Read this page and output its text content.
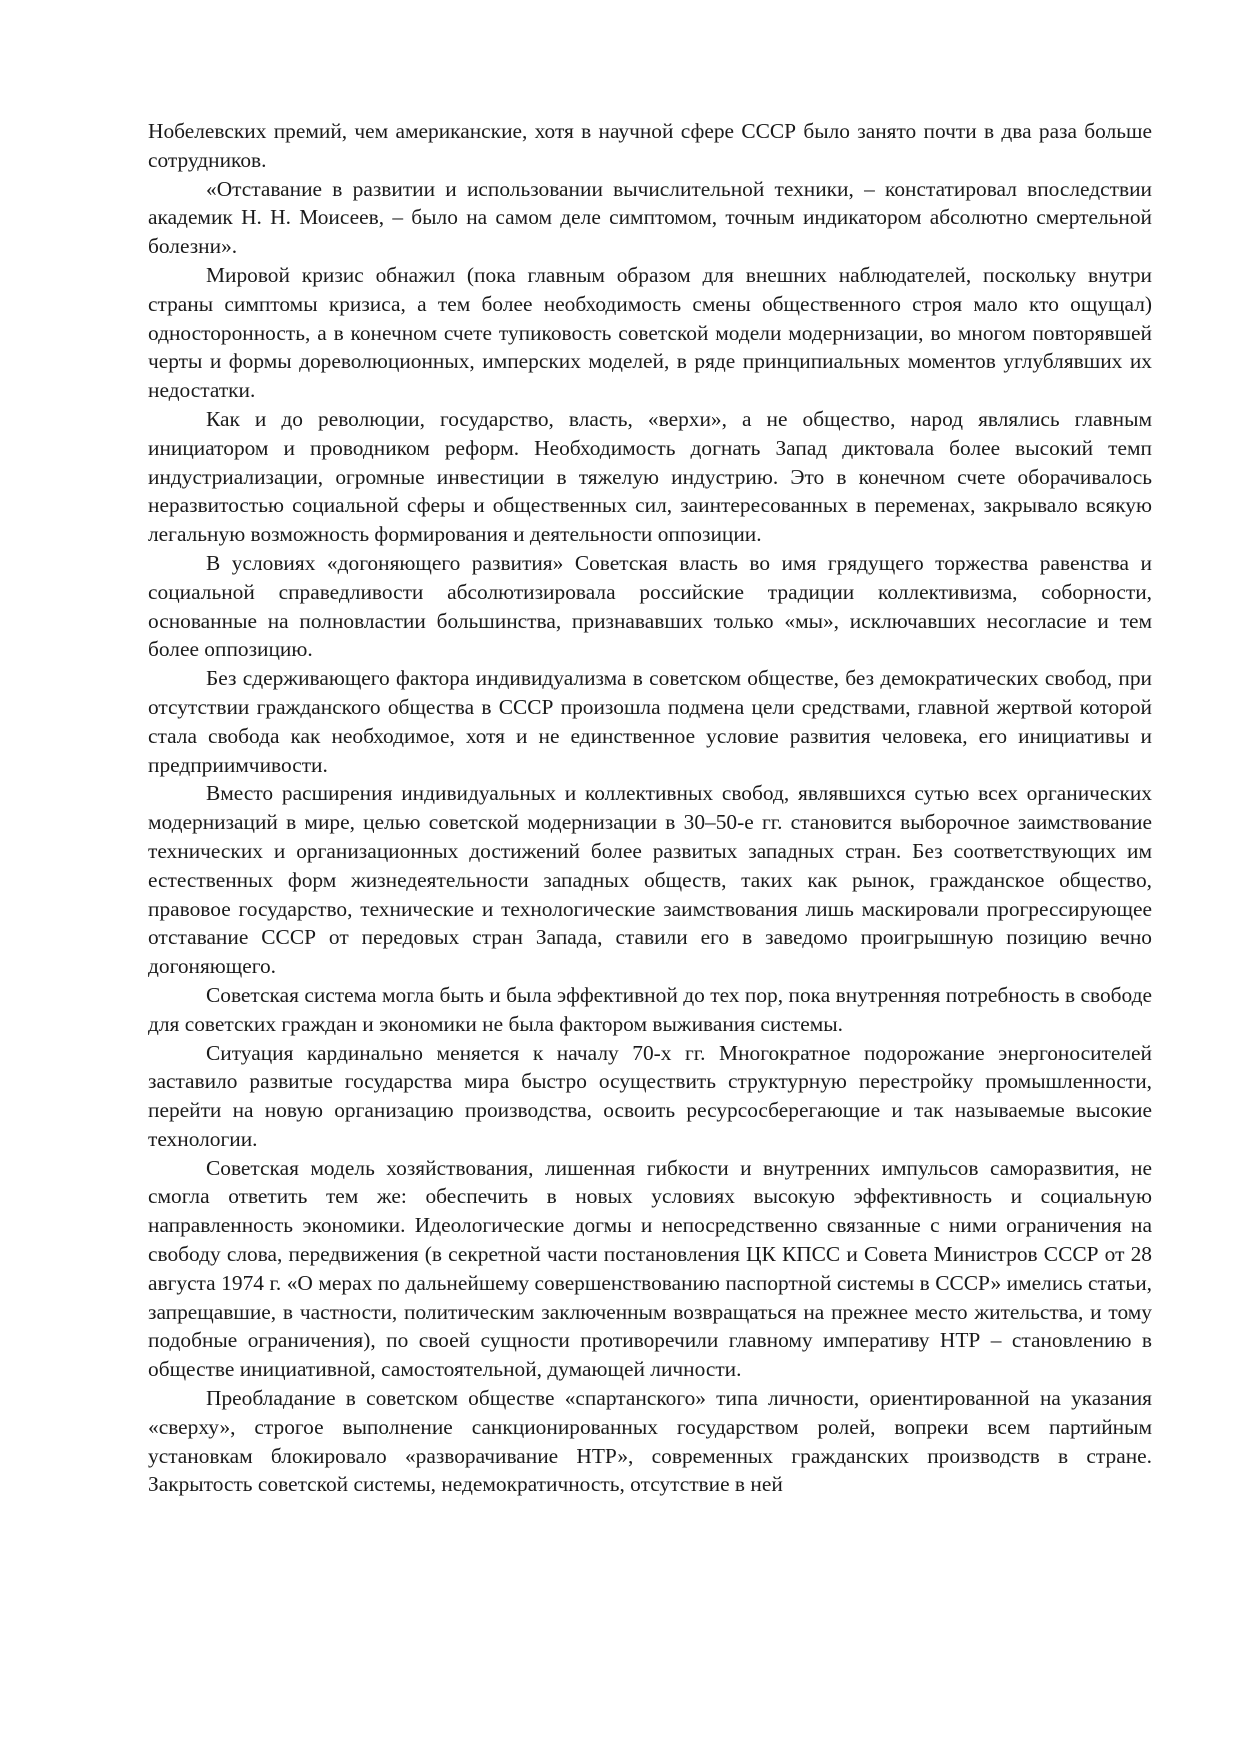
Нобелевских премий, чем американские, хотя в научной сфере СССР было занято почти в два раза больше сотрудников.

«Отставание в развитии и использовании вычислительной техники, – констатировал впоследствии академик Н. Н. Моисеев, – было на самом деле симптомом, точным индикатором абсолютно смертельной болезни».

Мировой кризис обнажил (пока главным образом для внешних наблюдателей, поскольку внутри страны симптомы кризиса, а тем более необходимость смены общественного строя мало кто ощущал) односторонность, а в конечном счете тупиковость советской модели модернизации, во многом повторявшей черты и формы дореволюционных, имперских моделей, в ряде принципиальных моментов углублявших их недостатки.

Как и до революции, государство, власть, «верхи», а не общество, народ являлись главным инициатором и проводником реформ. Необходимость догнать Запад диктовала более высокий темп индустриализации, огромные инвестиции в тяжелую индустрию. Это в конечном счете оборачивалось неразвитостью социальной сферы и общественных сил, заинтересованных в переменах, закрывало всякую легальную возможность формирования и деятельности оппозиции.

В условиях «догоняющего развития» Советская власть во имя грядущего торжества равенства и социальной справедливости абсолютизировала российские традиции коллективизма, соборности, основанные на полновластии большинства, признававших только «мы», исключавших несогласие и тем более оппозицию.

Без сдерживающего фактора индивидуализма в советском обществе, без демократических свобод, при отсутствии гражданского общества в СССР произошла подмена цели средствами, главной жертвой которой стала свобода как необходимое, хотя и не единственное условие развития человека, его инициативы и предприимчивости.

Вместо расширения индивидуальных и коллективных свобод, являвшихся сутью всех органических модернизаций в мире, целью советской модернизации в 30–50-е гг. становится выборочное заимствование технических и организационных достижений более развитых западных стран. Без соответствующих им естественных форм жизнедеятельности западных обществ, таких как рынок, гражданское общество, правовое государство, технические и технологические заимствования лишь маскировали прогрессирующее отставание СССР от передовых стран Запада, ставили его в заведомо проигрышную позицию вечно догоняющего.

Советская система могла быть и была эффективной до тех пор, пока внутренняя потребность в свободе для советских граждан и экономики не была фактором выживания системы.

Ситуация кардинально меняется к началу 70-х гг. Многократное подорожание энергоносителей заставило развитые государства мира быстро осуществить структурную перестройку промышленности, перейти на новую организацию производства, освоить ресурсосберегающие и так называемые высокие технологии.

Советская модель хозяйствования, лишенная гибкости и внутренних импульсов саморазвития, не смогла ответить тем же: обеспечить в новых условиях высокую эффективность и социальную направленность экономики. Идеологические догмы и непосредственно связанные с ними ограничения на свободу слова, передвижения (в секретной части постановления ЦК КПСС и Совета Министров СССР от 28 августа 1974 г. «О мерах по дальнейшему совершенствованию паспортной системы в СССР» имелись статьи, запрещавшие, в частности, политическим заключенным возвращаться на прежнее место жительства, и тому подобные ограничения), по своей сущности противоречили главному императиву НТР – становлению в обществе инициативной, самостоятельной, думающей личности.

Преобладание в советском обществе «спартанского» типа личности, ориентированной на указания «сверху», строгое выполнение санкционированных государством ролей, вопреки всем партийным установкам блокировало «разворачивание НТР», современных гражданских производств в стране. Закрытость советской системы, недемократичность, отсутствие в ней
